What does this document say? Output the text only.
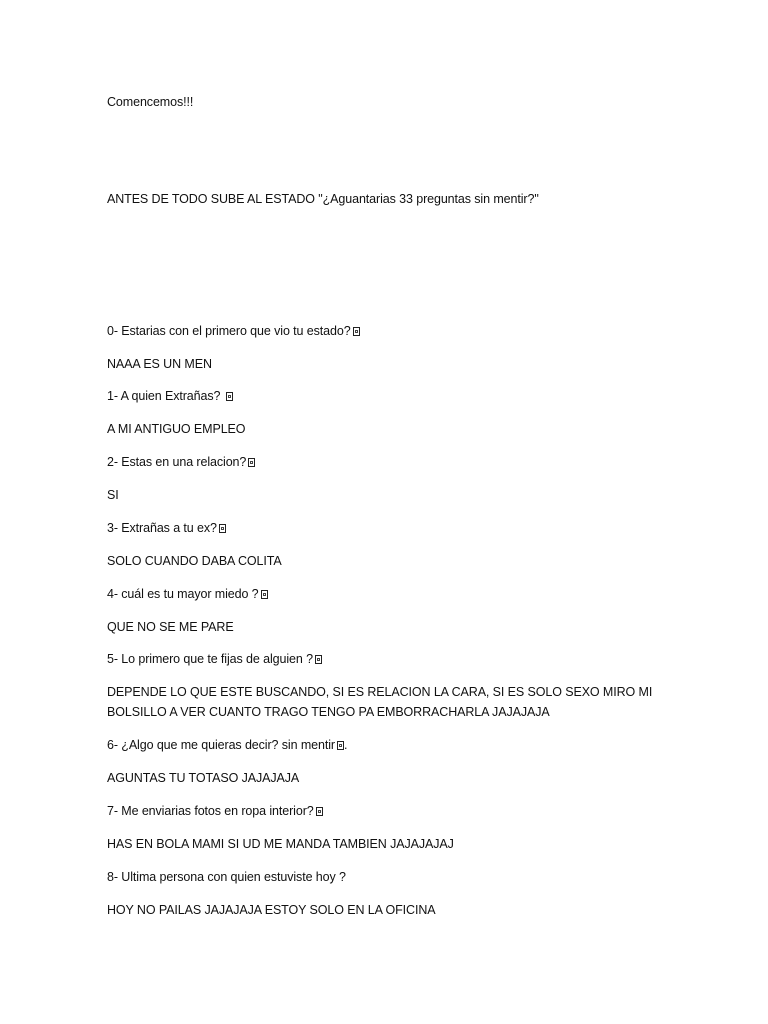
Comencemos!!!
ANTES DE TODO SUBE AL ESTADO "¿Aguantarias 33 preguntas sin mentir?"
0- Estarias con el primero que vio tu estado?
NAAA ES UN MEN
1- A quien Extrañas?
A MI ANTIGUO EMPLEO
2- Estas en una relacion?
SI
3- Extrañas a tu ex?
SOLO CUANDO DABA COLITA
4- cuál es tu mayor miedo ?
QUE NO SE ME PARE
5- Lo primero que te fijas de alguien ?
DEPENDE LO QUE ESTE BUSCANDO, SI ES RELACION LA CARA, SI ES SOLO SEXO MIRO MI BOLSILLO A VER CUANTO TRAGO TENGO PA EMBORRACHARLA JAJAJAJA
6- ¿Algo que me quieras decir? sin mentir .
AGUNTAS TU TOTASO JAJAJAJA
7- Me enviarias fotos en ropa interior?
HAS EN BOLA MAMI SI UD ME MANDA TAMBIEN JAJAJAJAJ
8- Ultima persona con quien estuviste hoy ?
HOY NO PAILAS JAJAJAJA ESTOY SOLO EN LA OFICINA
